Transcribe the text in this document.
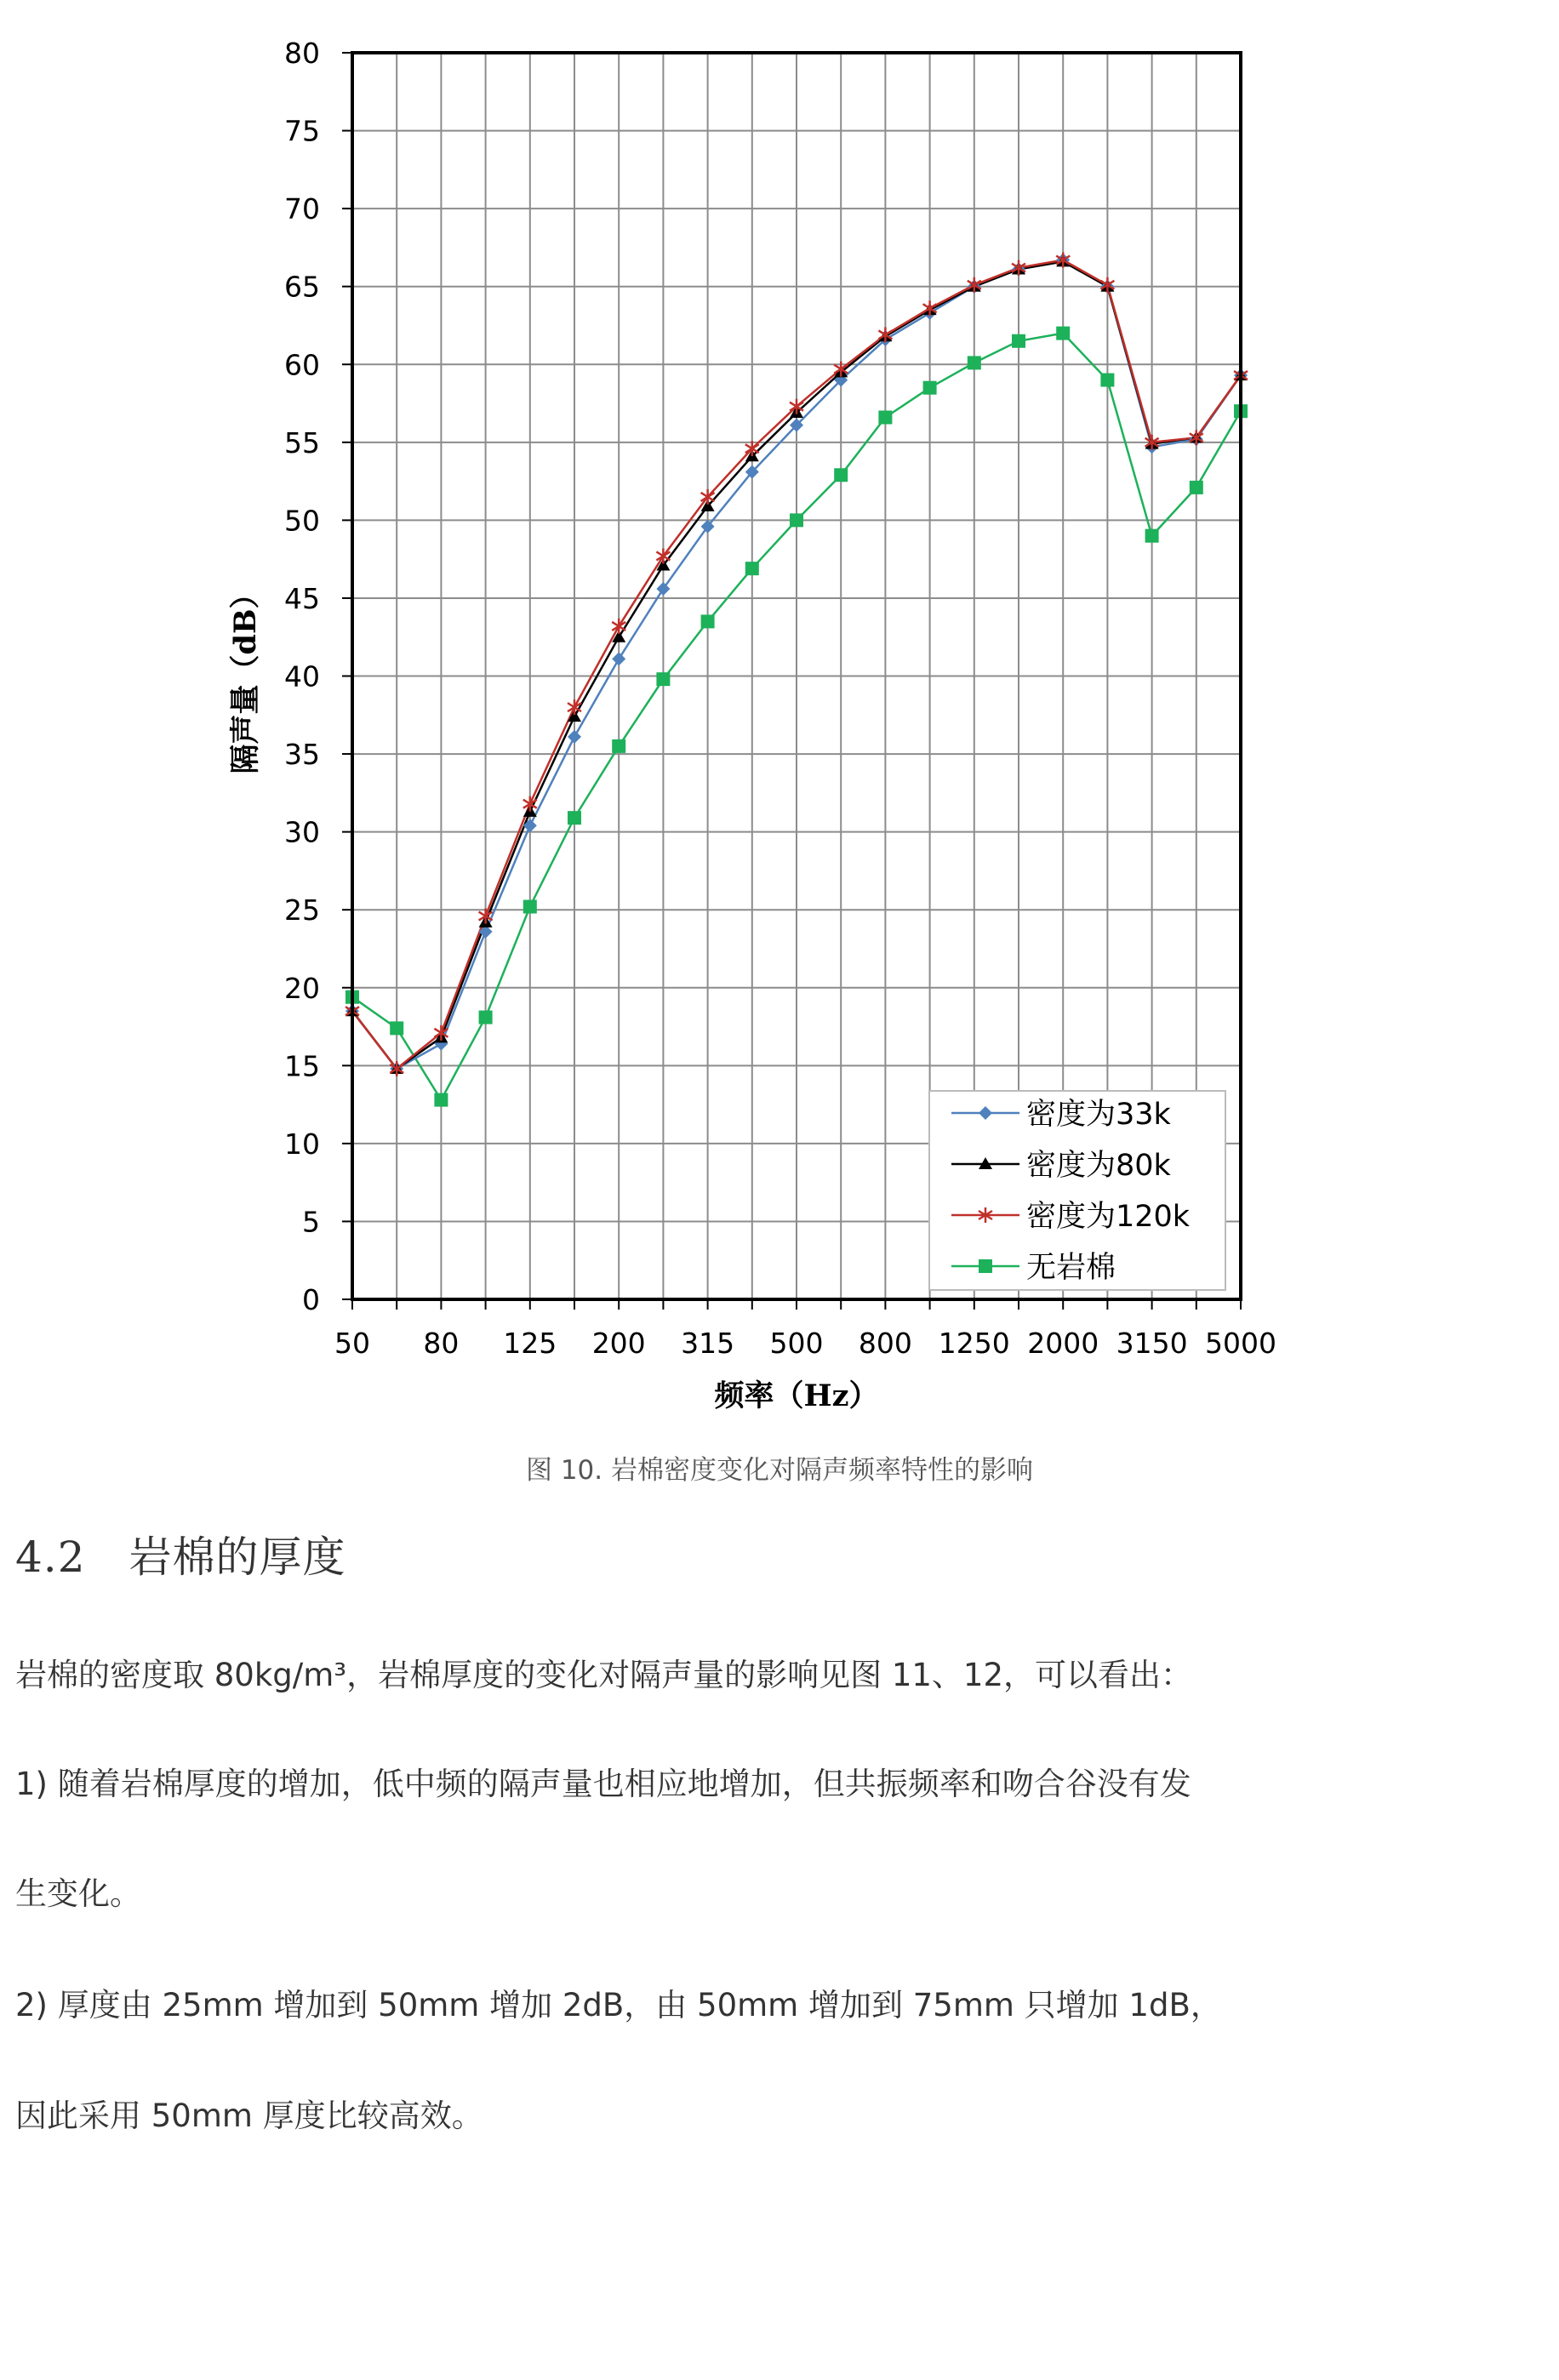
0
5
10
15
20
25
30
35
40
45
50
55
60
65
70
75
80
50 80 125 200 315 500 800 1250 2000 3150 5000
隔声量（dB）
频率（Hz）
密度为33k
密度为80k
密度为120k
无岩棉
图 10. 岩棉密度变化对隔声频率特性的影响
4.2　岩棉的厚度
岩棉的密度取 80kg/m³，岩棉厚度的变化对隔声量的影响见图 11、12，可以看出：
1) 随着岩棉厚度的增加，低中频的隔声量也相应地增加，但共振频率和吻合谷没有发
生变化。
2) 厚度由 25mm 增加到 50mm 增加 2dB，由 50mm 增加到 75mm 只增加 1dB，
因此采用 50mm 厚度比较高效。
